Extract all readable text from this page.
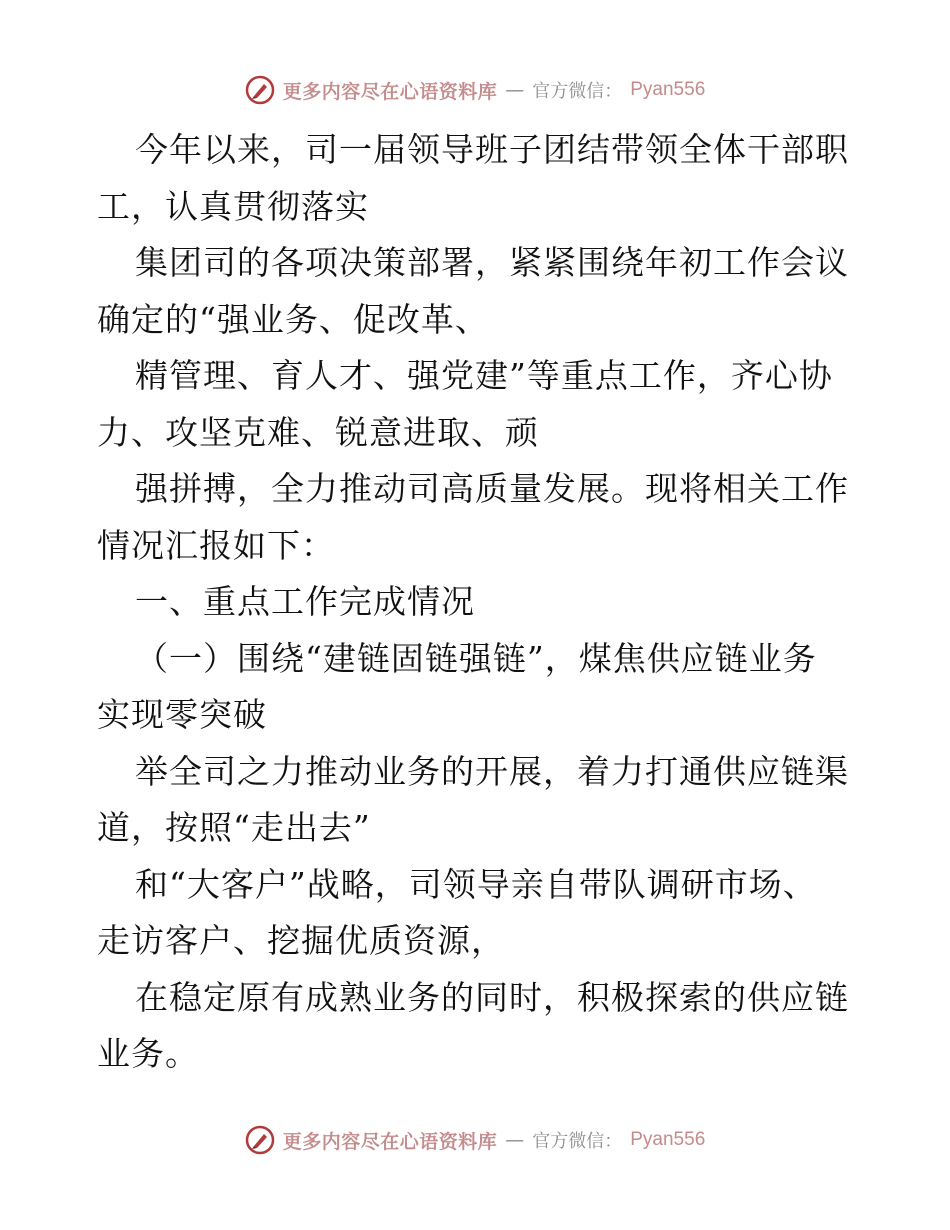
更多内容尽在心语资料库 — 官方微信： Pyan556
今年以来，司一届领导班子团结带领全体干部职
工，认真贯彻落实
集团司的各项决策部署，紧紧围绕年初工作会议
确定的“强业务、促改革、
精管理、育人才、强党建”等重点工作，齐心协
力、攻坚克难、锐意进取、顽
强拼搏，全力推动司高质量发展。现将相关工作
情况汇报如下：
一、重点工作完成情况
（一）围绕“建链固链强链”，煤焦供应链业务
实现零突破
举全司之力推动业务的开展，着力打通供应链渠
道，按照“走出去”
和“大客户”战略，司领导亲自带队调研市场、
走访客户、挖掘优质资源，
在稳定原有成熟业务的同时，积极探索的供应链
业务。
更多内容尽在心语资料库 — 官方微信： Pyan556
